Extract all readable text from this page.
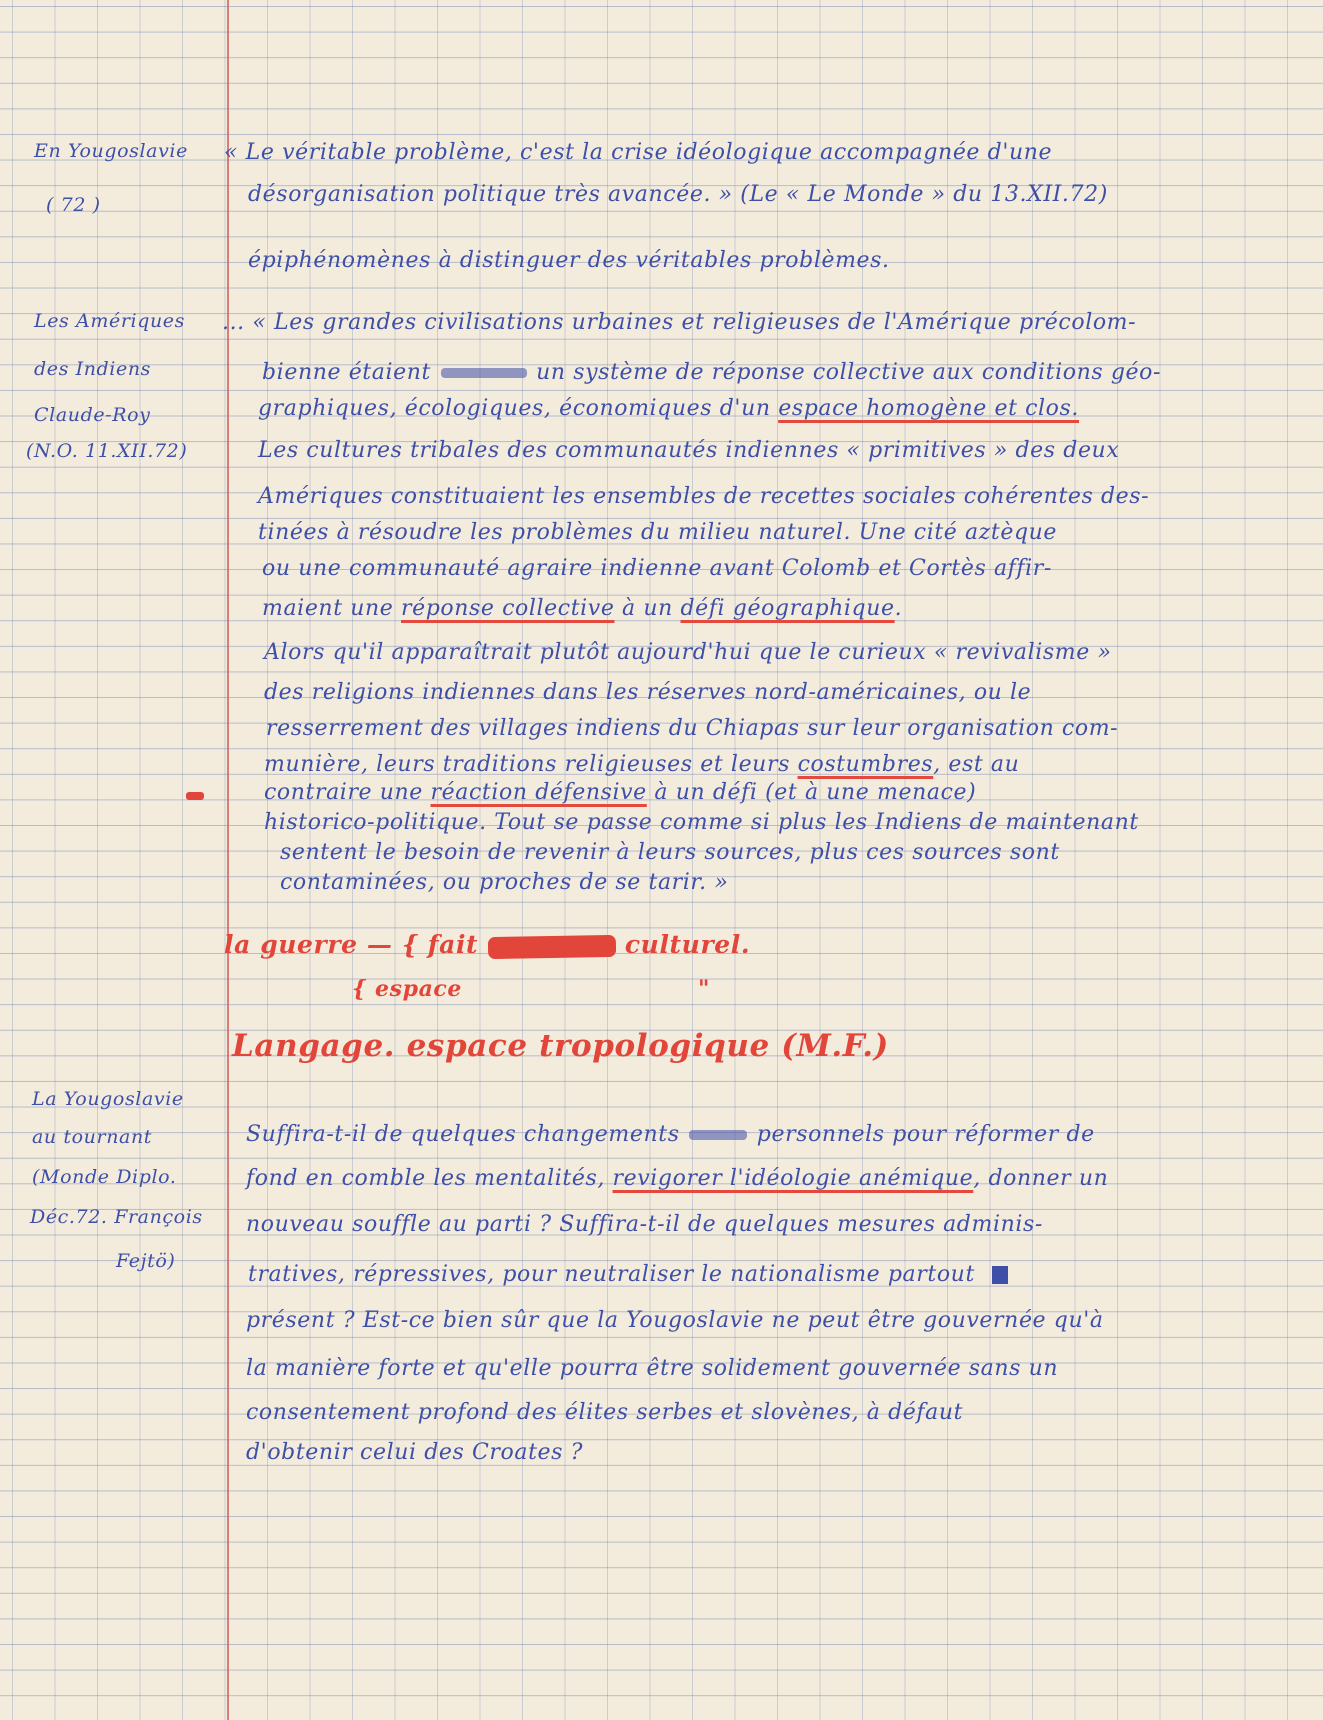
En Yougoslavie
( 72 )
Les Amériques
des Indiens
Claude-Roy
(N.O. 11.XII.72)
La Yougoslavie
au tournant
(Monde Diplo.
Déc.72. François
Fejtö)
« Le véritable problème, c'est la crise idéologique accompagnée d'une
désorganisation politique très avancée. » (Le « Le Monde » du 13.XII.72)
épiphénomènes à distinguer des véritables problèmes.
... « Les grandes civilisations urbaines et religieuses de l'Amérique précolom-
bienne étaient	un système de réponse collective aux conditions géo-
graphiques, écologiques, économiques d'un espace homogène et clos.
Les cultures tribales des communautés indiennes « primitives » des deux
Amériques constituaient les ensembles de recettes sociales cohérentes des-
tinées à résoudre les problèmes du milieu naturel. Une cité aztèque
ou une communauté agraire indienne avant Colomb et Cortès affir-
maient une réponse collective à un défi géographique.
Alors qu'il apparaîtrait plutôt aujourd'hui que le curieux « revivalisme »
des religions indiennes dans les réserves nord-américaines, ou le
resserrement des villages indiens du Chiapas sur leur organisation com-
munière, leurs traditions religieuses et leurs costumbres, est au
contraire une réaction défensive à un défi (et à une menace)
historico-politique. Tout se passe comme si plus les Indiens de maintenant
sentent le besoin de revenir à leurs sources, plus ces sources sont
contaminées, ou proches de se tarir. »
la guerre — { fait	culturel.
{ espace	"
Langage. espace tropologique (M.F.)
Suffira-t-il de quelques changements	personnels pour réformer de
fond en comble les mentalités, revigorer l'idéologie anémique, donner un
nouveau souffle au parti ? Suffira-t-il de quelques mesures adminis-
tratives, répressives, pour neutraliser le nationalisme partout
présent ? Est-ce bien sûr que la Yougoslavie ne peut être gouvernée qu'à
la manière forte et qu'elle pourra être solidement gouvernée sans un
consentement profond des élites serbes et slovènes, à défaut
d'obtenir celui des Croates ?
